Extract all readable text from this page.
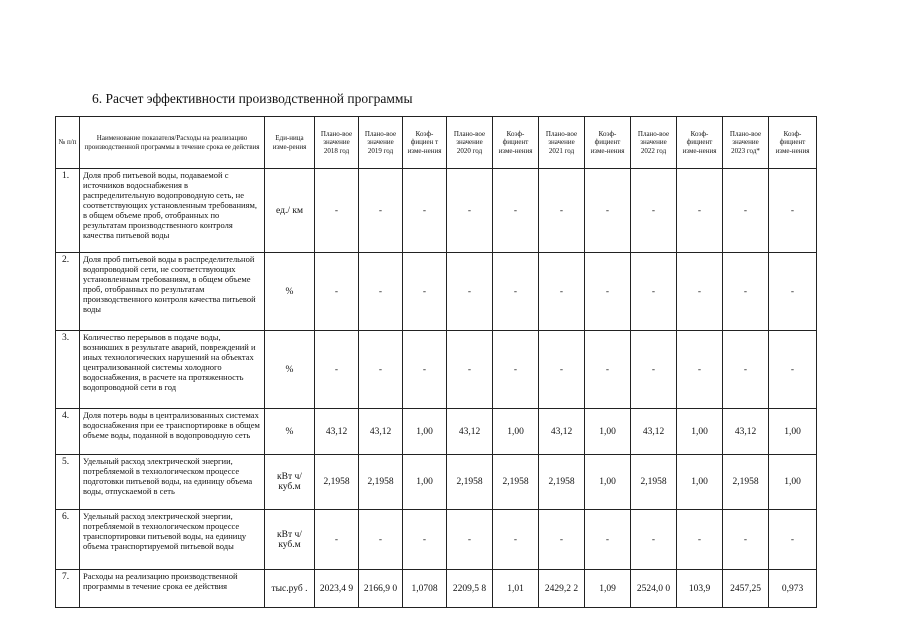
6. Расчет эффективности производственной программы
№ п/п	Наименование показателя/Расходы на реализацию производственной программы в течение срока ее действия	Еди-ница изме-рения	Плано-вое значение 2018 год	Плано-вое значение 2019 год	Коэф-фициен т изме-нения	Плано-вое значение 2020 год	Коэф-фициент изме-нения	Плано-вое значение 2021 год	Коэф-фициент изме-нения	Плано-вое значение 2022 год	Коэф-фициент изме-нения	Плано-вое значение 2023 год*	Коэф-фициент изме-нения
1.	Доля проб питьевой воды, подаваемой с источников водоснабжения в распределительную водопроводную сеть, не соответствующих установленным требованиям, в общем объеме проб, отобранных по результатам производственного контроля качества питьевой воды	ед./ км	-	-	-	-	-	-	-	-	-	-	-
2.	Доля проб питьевой воды в распределительной водопроводной сети, не соответствующих установленным требованиям, в общем объеме проб, отобранных по результатам производственного контроля качества питьевой воды	%	-	-	-	-	-	-	-	-	-	-	-
3.	Количество перерывов в подаче воды, возникших в результате аварий, повреждений и иных технологических нарушений на объектах централизованной системы холодного водоснабжения, в расчете на протяженность водопроводной сети в год	%	-	-	-	-	-	-	-	-	-	-	-
4.	Доля потерь воды в централизованных системах водоснабжения при ее транспортировке в общем объеме воды, поданной в водопроводную сеть	%	43,12	43,12	1,00	43,12	1,00	43,12	1,00	43,12	1,00	43,12	1,00
5.	Удельный расход электрической энергии, потребляемой в технологическом процессе подготовки питьевой воды, на единицу объема воды, отпускаемой в сеть	кВт ч/куб.м	2,1958	2,1958	1,00	2,1958	2,1958	2,1958	1,00	2,1958	1,00	2,1958	1,00
6.	Удельный расход электрической энергии, потребляемой в технологическом процессе транспортировки питьевой воды, на единицу объема транспортируемой питьевой воды	кВт ч/куб.м	-	-	-	-	-	-	-	-	-	-	-
7.	Расходы на реализацию производственной программы в течение срока ее действия	тыс.руб .	2023,4 9	2166,9 0	1,0708	2209,5 8	1,01	2429,2 2	1,09	2524,0 0	103,9	2457,25	0,973
